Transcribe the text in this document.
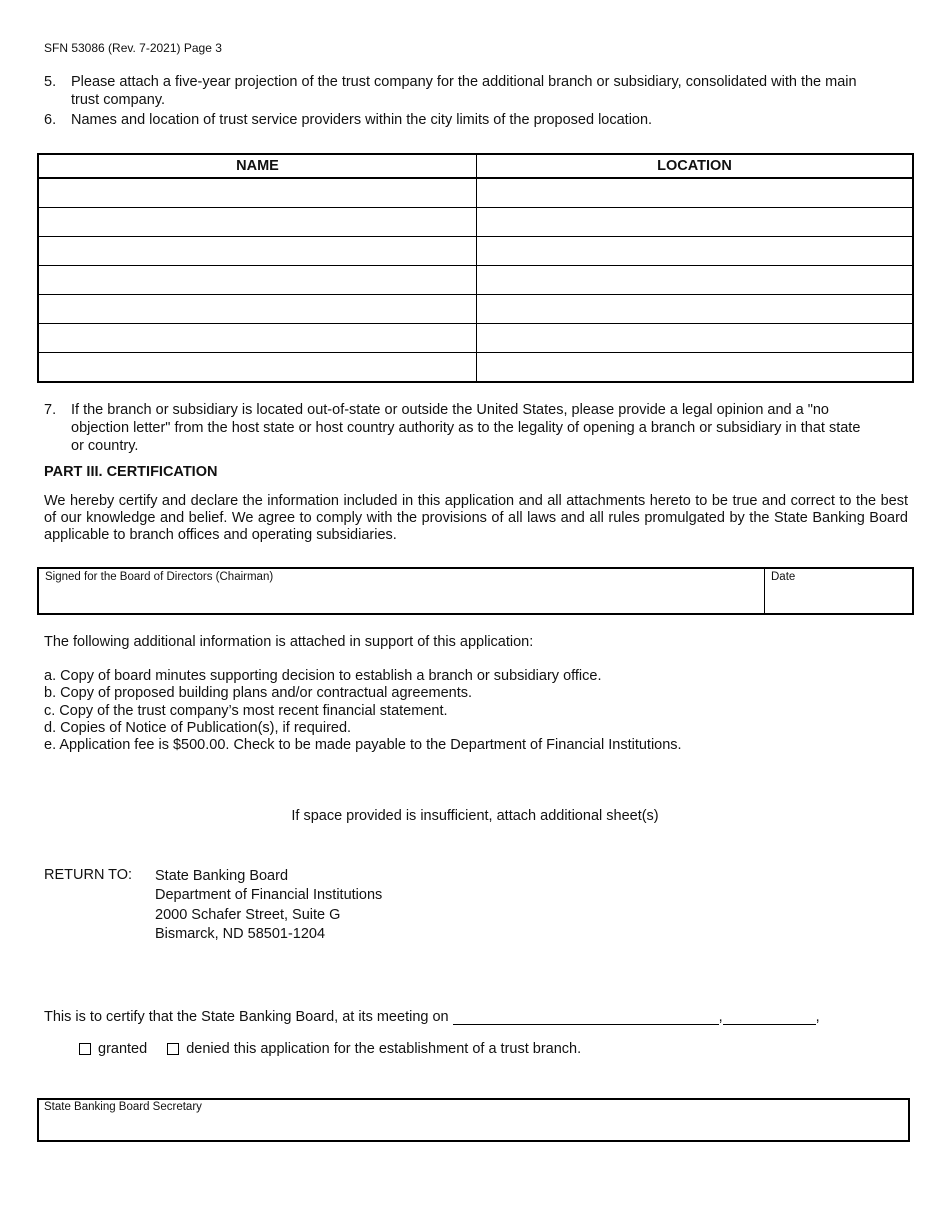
SFN 53086 (Rev. 7-2021) Page 3
5. Please attach a five-year projection of the trust company for the additional branch or subsidiary, consolidated with the main trust company.
6. Names and location of trust service providers within the city limits of the proposed location.
NAME	LOCATION

7. If the branch or subsidiary is located out-of-state or outside the United States, please provide a legal opinion and a "no objection letter" from the host state or host country authority as to the legality of opening a branch or subsidiary in that state or country.
PART III. CERTIFICATION
We hereby certify and declare the information included in this application and all attachments hereto to be true and correct to the best of our knowledge and belief. We agree to comply with the provisions of all laws and all rules promulgated by the State Banking Board applicable to branch offices and operating subsidiaries.
Signed for the Board of Directors (Chairman)	Date
The following additional information is attached in support of this application:
a. Copy of board minutes supporting decision to establish a branch or subsidiary office.
b. Copy of proposed building plans and/or contractual agreements.
c. Copy of the trust company’s most recent financial statement.
d. Copies of Notice of Publication(s), if required.
e. Application fee is $500.00. Check to be made payable to the Department of Financial Institutions.
If space provided is insufficient, attach additional sheet(s)
RETURN TO: State Banking Board
Department of Financial Institutions
2000 Schafer Street, Suite G
Bismarck, ND 58501-1204
This is to certify that the State Banking Board, at its meeting on	,	,
granted	denied this application for the establishment of a trust branch.
State Banking Board Secretary
